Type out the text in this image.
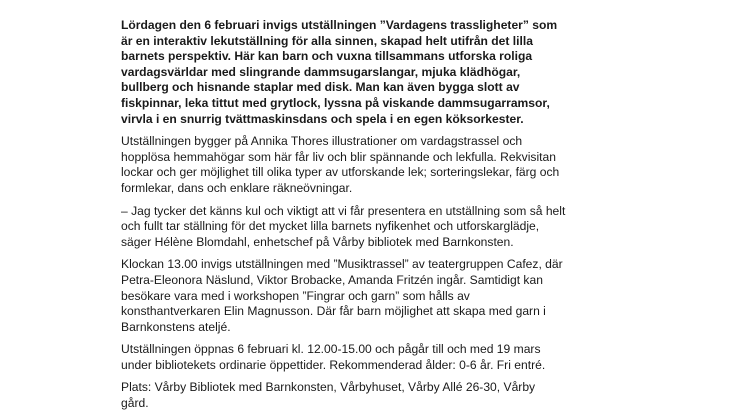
Lördagen den 6 februari invigs utställningen ”Vardagens trassligheter” som
är en interaktiv lekutställning för alla sinnen, skapad helt utifrån det lilla
barnets perspektiv. Här kan barn och vuxna tillsammans utforska roliga
vardagsvärldar med slingrande dammsugarslangar, mjuka klädhögar,
bullberg och hisnande staplar med disk. Man kan även bygga slott av
fiskpinnar, leka tittut med grytlock, lyssna på viskande dammsugarramsor,
virvla i en snurrig tvättmaskinsdans och spela i en egen köksorkester.

Utställningen bygger på Annika Thores illustrationer om vardagstrassel och
hopplösa hemmahögar som här får liv och blir spännande och lekfulla. Rekvisitan
lockar och ger möjlighet till olika typer av utforskande lek; sorteringslekar, färg och
formlekar, dans och enklare räkneövningar.

– Jag tycker det känns kul och viktigt att vi får presentera en utställning som så helt
och fullt tar ställning för det mycket lilla barnets nyfikenhet och utforskarglädje,
säger Hélène Blomdahl, enhetschef på Vårby bibliotek med Barnkonsten.

Klockan 13.00 invigs utställningen med ”Musiktrassel” av teatergruppen Cafez, där
Petra-Eleonora Näslund, Viktor Brobacke, Amanda Fritzén ingår. Samtidigt kan
besökare vara med i workshopen ”Fingrar och garn” som hålls av
konsthantverkaren Elin Magnusson. Där får barn möjlighet att skapa med garn i
Barnkonstens ateljé.

Utställningen öppnas 6 februari kl. 12.00-15.00 och pågår till och med 19 mars
under bibliotekets ordinarie öppettider. Rekommenderad ålder: 0-6 år. Fri entré.

Plats: Vårby Bibliotek med Barnkonsten, Vårbyhuset, Vårby Allé 26-30, Vårby
gård.
